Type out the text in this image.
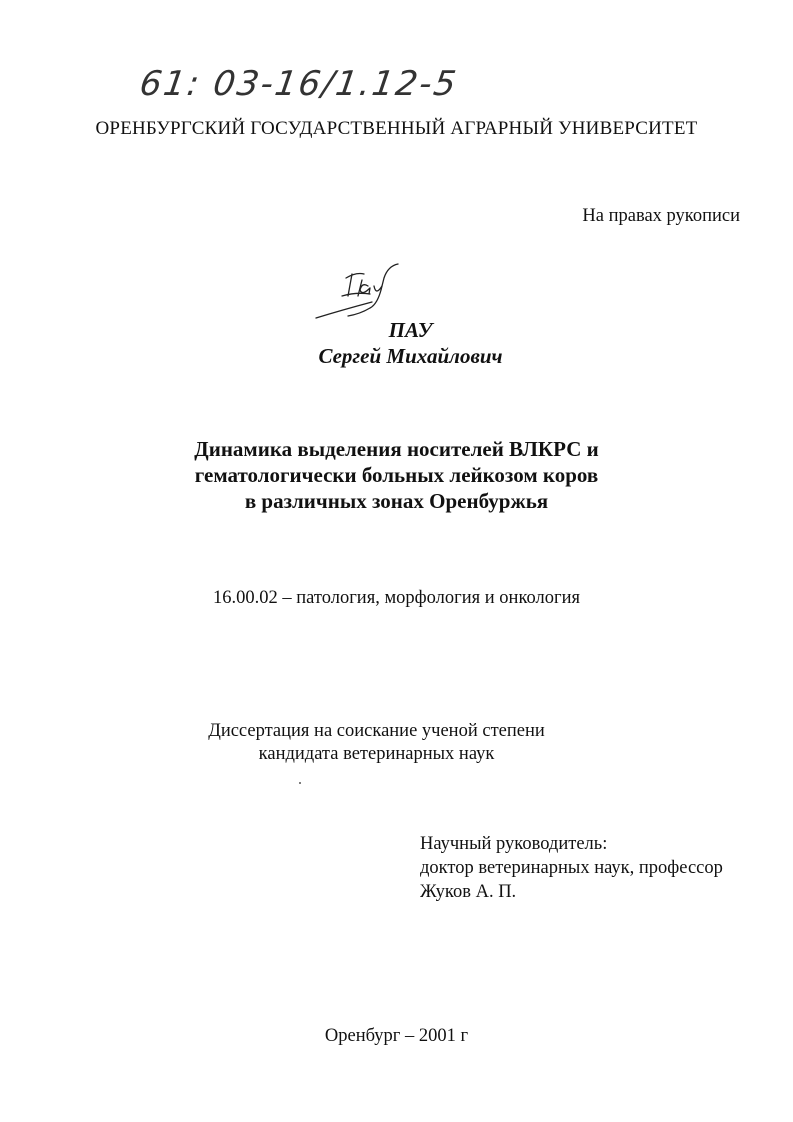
61: 03-16/1.12-5
ОРЕНБУРГСКИЙ ГОСУДАРСТВЕННЫЙ АГРАРНЫЙ УНИВЕРСИТЕТ
На правах рукописи
ПАУ
Сергей Михайлович
Динамика выделения носителей ВЛКРС и
гематологически больных лейкозом коров
в различных зонах Оренбуржья
16.00.02 – патология, морфология и онкология
Диссертация на соискание ученой степени
кандидата ветеринарных наук
Научный руководитель:
доктор ветеринарных наук, профессор
Жуков А. П.
Оренбург – 2001 г
